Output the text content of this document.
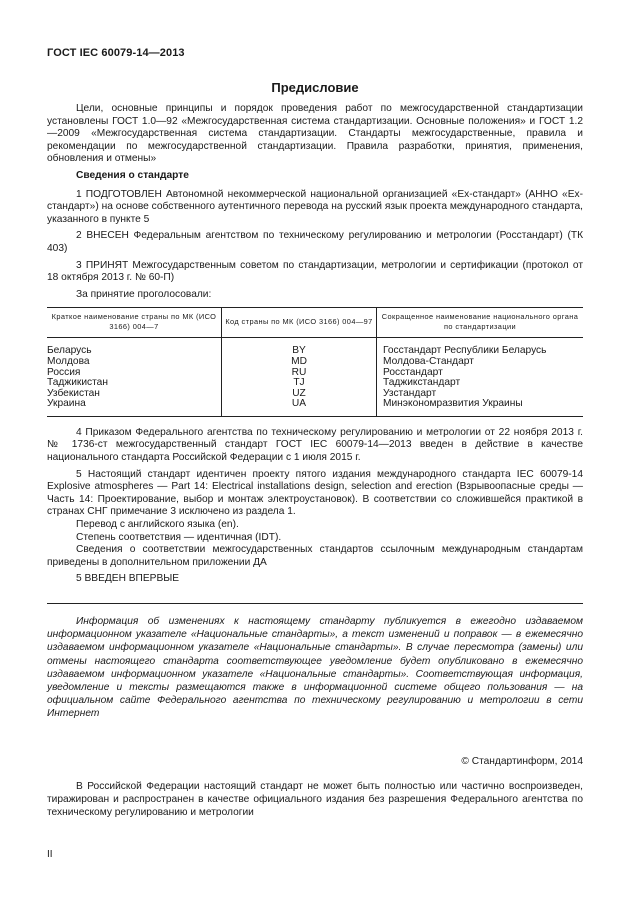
ГОСТ IEC 60079-14—2013
Предисловие

Цели, основные принципы и порядок проведения работ по межгосударственной стандартизации установлены ГОСТ 1.0—92 «Межгосударственная система стандартизации. Основные положения» и ГОСТ 1.2—2009 «Межгосударственная система стандартизации. Стандарты межгосударственные, правила и рекомендации по межгосударственной стандартизации. Правила разработки, принятия, применения, обновления и отмены»

Сведения о стандарте

1 ПОДГОТОВЛЕН Автономной некоммерческой национальной организацией «Ех-стандарт» (АННО «Ех-стандарт») на основе собственного аутентичного перевода на русский язык проекта международного стандарта, указанного в пункте 5

2 ВНЕСЕН Федеральным агентством по техническому регулированию и метрологии (Росстандарт) (ТК 403)

3 ПРИНЯТ Межгосударственным советом по стандартизации, метрологии и сертификации (протокол от 18 октября 2013 г. № 60-П)

За принятие проголосовали:

Краткое наименование страны по МК (ИСО 3166) 004—7	Код страны по МК (ИСО 3166) 004—97	Сокращенное наименование национального органа по стандартизации
Беларусь	BY	Госстандарт Республики Беларусь
Молдова	MD	Молдова-Стандарт
Россия	RU	Росстандарт
Таджикистан	TJ	Таджикстандарт
Узбекистан	UZ	Узстандарт
Украина	UA	Минэкономразвития Украины

4 Приказом Федерального агентства по техническому регулированию и метрологии от 22 ноября 2013 г. № 1736-ст межгосударственный стандарт ГОСТ IEC 60079-14—2013 введен в действие в качестве национального стандарта Российской Федерации с 1 июля 2015 г.

5 Настоящий стандарт идентичен проекту пятого издания международного стандарта IEC 60079-14 Explosive atmospheres — Part 14: Electrical installations design, selection and erection (Взрывоопасные среды — Часть 14: Проектирование, выбор и монтаж электроустановок). В соответствии со сложившейся практикой в странах СНГ примечание 3 исключено из раздела 1.

Перевод с английского языка (en).

Степень соответствия — идентичная (IDT).

Сведения о соответствии межгосударственных стандартов ссылочным международным стандартам приведены в дополнительном приложении ДА

5 ВВЕДЕН ВПЕРВЫЕ

Информация об изменениях к настоящему стандарту публикуется в ежегодно издаваемом информационном указателе «Национальные стандарты», а текст изменений и поправок — в ежемесячно издаваемом информационном указателе «Национальные стандарты». В случае пересмотра (замены) или отмены настоящего стандарта соответствующее уведомление будет опубликовано в ежемесячно издаваемом информационном указателе «Национальные стандарты». Соответствующая информация, уведомление и тексты размещаются также в информационной системе общего пользования — на официальном сайте Федерального агентства по техническому регулированию и метрологии в сети Интернет

© Стандартинформ, 2014

В Российской Федерации настоящий стандарт не может быть полностью или частично воспроизведен, тиражирован и распространен в качестве официального издания без разрешения Федерального агентства по техническому регулированию и метрологии

II
